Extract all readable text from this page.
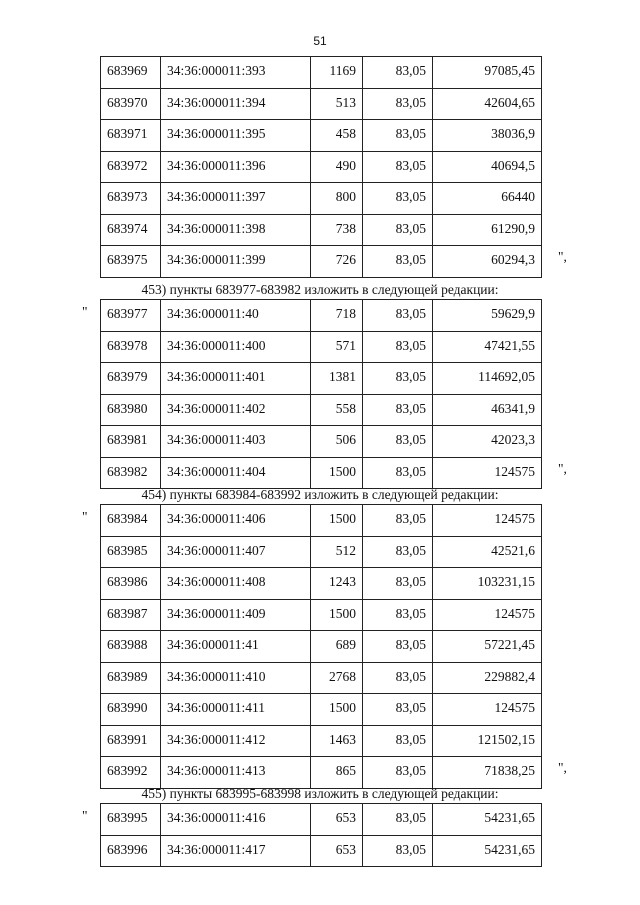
51
683969	34:36:000011:393	1169	83,05	97085,45
683970	34:36:000011:394	513	83,05	42604,65
683971	34:36:000011:395	458	83,05	38036,9
683972	34:36:000011:396	490	83,05	40694,5
683973	34:36:000011:397	800	83,05	66440
683974	34:36:000011:398	738	83,05	61290,9
683975	34:36:000011:399	726	83,05	60294,3 ",
453) пункты 683977-683982 изложить в следующей редакции:
" 683977	34:36:000011:40	718	83,05	59629,9
683978	34:36:000011:400	571	83,05	47421,55
683979	34:36:000011:401	1381	83,05	114692,05
683980	34:36:000011:402	558	83,05	46341,9
683981	34:36:000011:403	506	83,05	42023,3
683982	34:36:000011:404	1500	83,05	124575 ",
454) пункты 683984-683992 изложить в следующей редакции:
" 683984	34:36:000011:406	1500	83,05	124575
683985	34:36:000011:407	512	83,05	42521,6
683986	34:36:000011:408	1243	83,05	103231,15
683987	34:36:000011:409	1500	83,05	124575
683988	34:36:000011:41	689	83,05	57221,45
683989	34:36:000011:410	2768	83,05	229882,4
683990	34:36:000011:411	1500	83,05	124575
683991	34:36:000011:412	1463	83,05	121502,15
683992	34:36:000011:413	865	83,05	71838,25 ",
455) пункты 683995-683998 изложить в следующей редакции:
" 683995	34:36:000011:416	653	83,05	54231,65
683996	34:36:000011:417	653	83,05	54231,65
